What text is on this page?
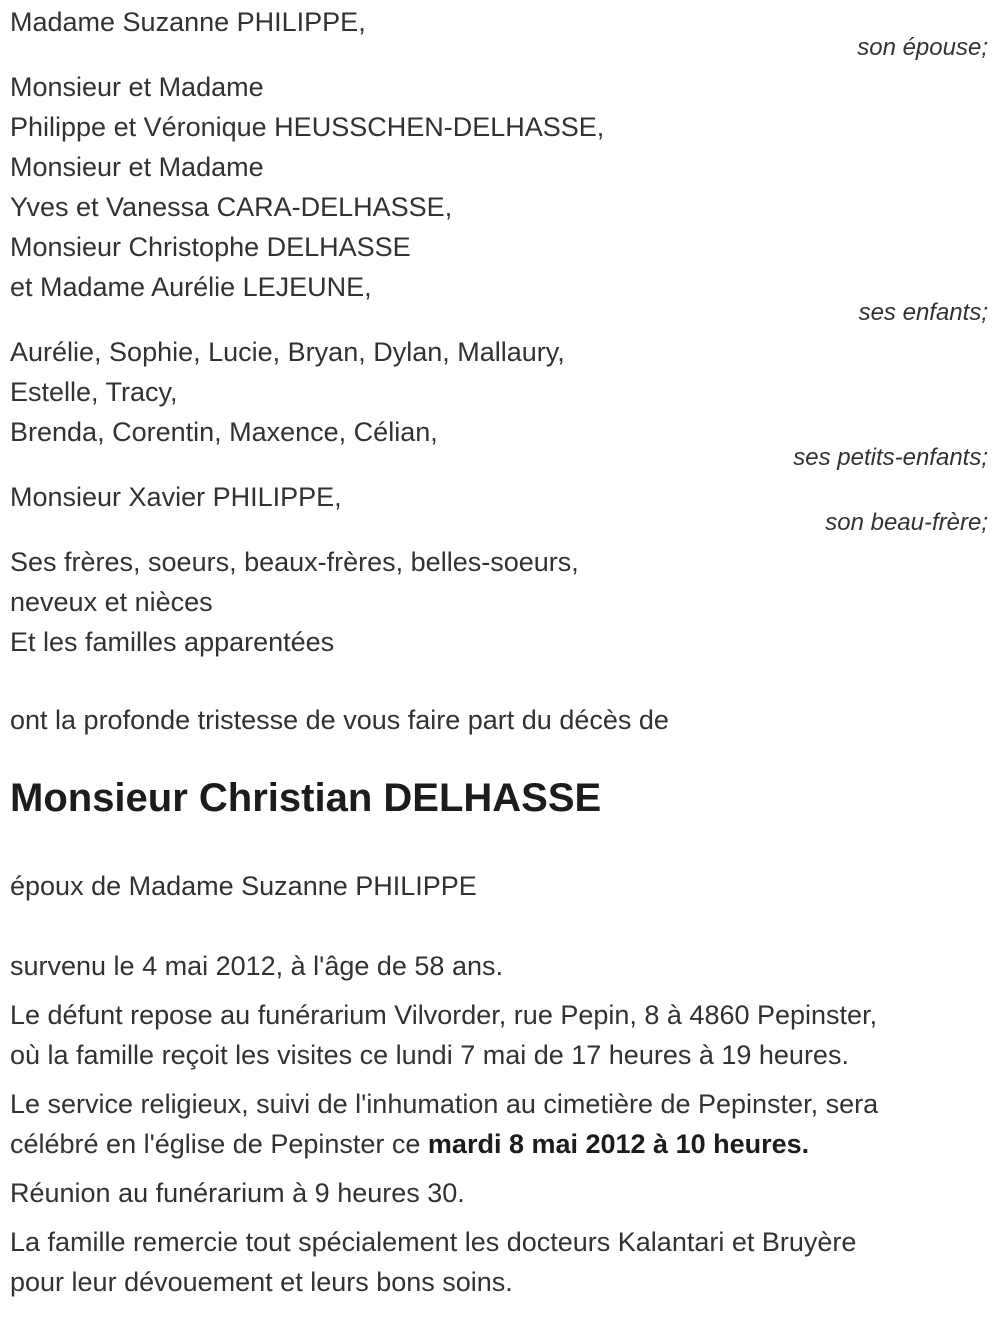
Madame Suzanne PHILIPPE,
son épouse;
Monsieur et Madame
Philippe et Véronique HEUSSCHEN-DELHASSE,
Monsieur et Madame
Yves et Vanessa CARA-DELHASSE,
Monsieur Christophe DELHASSE
et Madame Aurélie LEJEUNE,
ses enfants;
Aurélie, Sophie, Lucie, Bryan, Dylan, Mallaury,
Estelle, Tracy,
Brenda, Corentin, Maxence, Célian,
ses petits-enfants;
Monsieur Xavier PHILIPPE,
son beau-frère;
Ses frères, soeurs, beaux-frères, belles-soeurs,
neveux et nièces
Et les familles apparentées

ont la profonde tristesse de vous faire part du décès de

Monsieur Christian DELHASSE

époux de Madame Suzanne PHILIPPE

survenu le 4 mai 2012, à l'âge de 58 ans.

Le défunt repose au funérarium Vilvorder, rue Pepin, 8 à 4860 Pepinster,
où la famille reçoit les visites ce lundi 7 mai de 17 heures à 19 heures.

Le service religieux, suivi de l'inhumation au cimetière de Pepinster, sera
célébré en l'église de Pepinster ce mardi 8 mai 2012 à 10 heures.

Réunion au funérarium à 9 heures 30.

La famille remercie tout spécialement les docteurs Kalantari et Bruyère
pour leur dévouement et leurs bons soins.
